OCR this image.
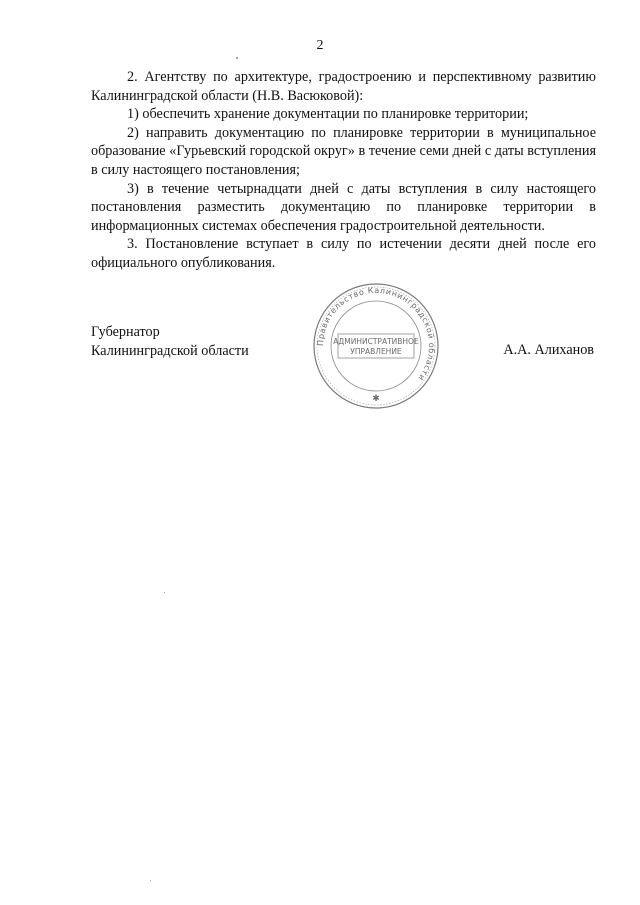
2

2. Агентству по архитектуре, градостроению и перспективному развитию Калининградской области (Н.В. Васюковой):

1) обеспечить хранение документации по планировке территории;

2) направить документацию по планировке территории в муниципальное образование «Гурьевский городской округ» в течение семи дней с даты вступления в силу настоящего постановления;

3) в течение четырнадцати дней с даты вступления в силу настоящего постановления разместить документацию по планировке территории в информационных системах обеспечения градостроительной деятельности.

3. Постановление вступает в силу по истечении десяти дней после его официального опубликования.

Губернатор
Калининградской области	А.А. Алиханов
Правительство Калининградской области
АДМИНИСТРАТИВНОЕ
УПРАВЛЕНИЕ
✱
